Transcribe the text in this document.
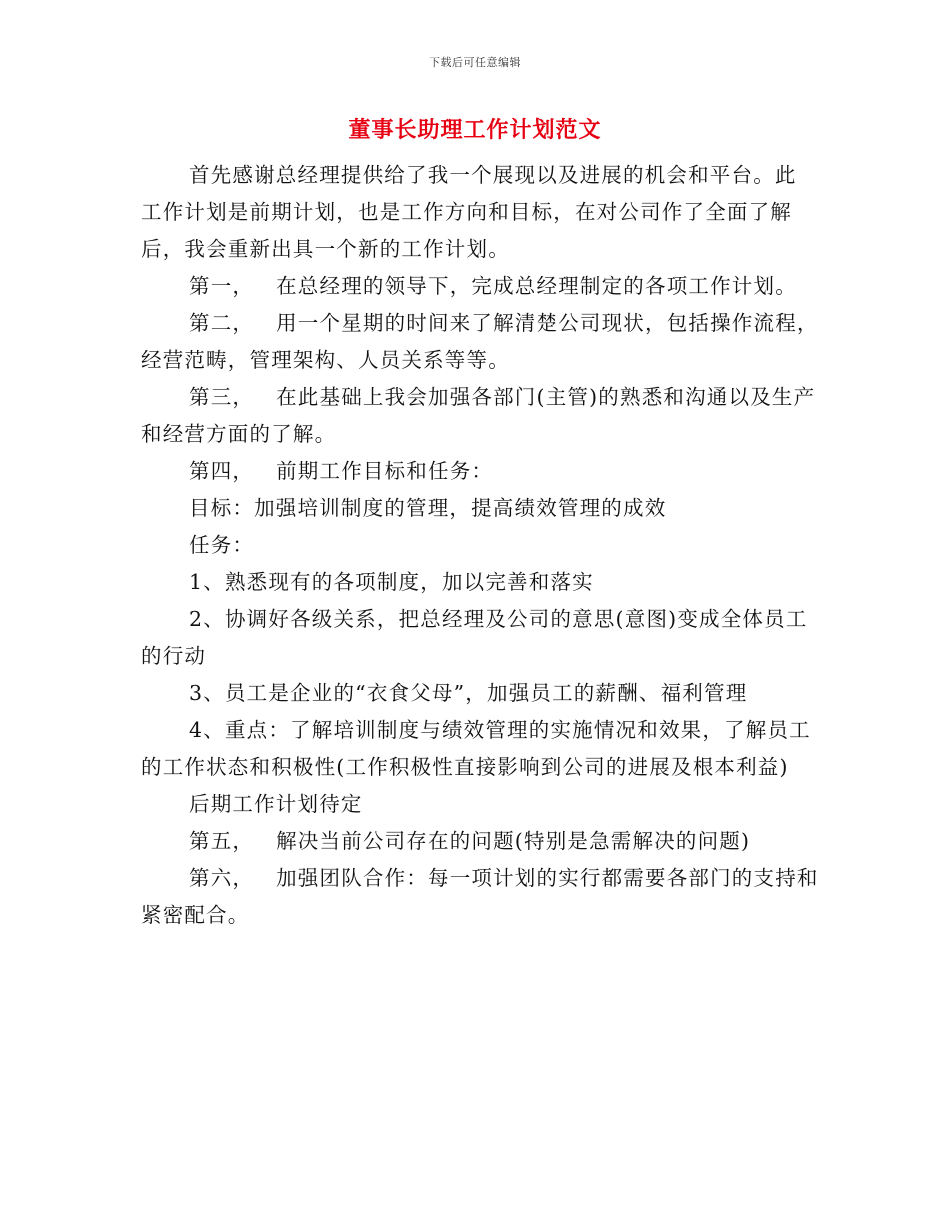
下载后可任意编辑
董事长助理工作计划范文

首先感谢总经理提供给了我一个展现以及进展的机会和平台。此

工作计划是前期计划，也是工作方向和目标，在对公司作了全面了解

后，我会重新出具一个新的工作计划。

第一， 在总经理的领导下，完成总经理制定的各项工作计划。

第二， 用一个星期的时间来了解清楚公司现状，包括操作流程，

经营范畴，管理架构、人员关系等等。

第三， 在此基础上我会加强各部门(主管)的熟悉和沟通以及生产

和经营方面的了解。

第四， 前期工作目标和任务：

目标：加强培训制度的管理，提高绩效管理的成效

任务：

1、熟悉现有的各项制度，加以完善和落实

2、协调好各级关系，把总经理及公司的意思(意图)变成全体员工

的行动

3、员工是企业的“衣食父母”，加强员工的薪酬、福利管理

4、重点：了解培训制度与绩效管理的实施情况和效果，了解员工

的工作状态和积极性(工作积极性直接影响到公司的进展及根本利益)

后期工作计划待定

第五， 解决当前公司存在的问题(特别是急需解决的问题)

第六， 加强团队合作：每一项计划的实行都需要各部门的支持和

紧密配合。
